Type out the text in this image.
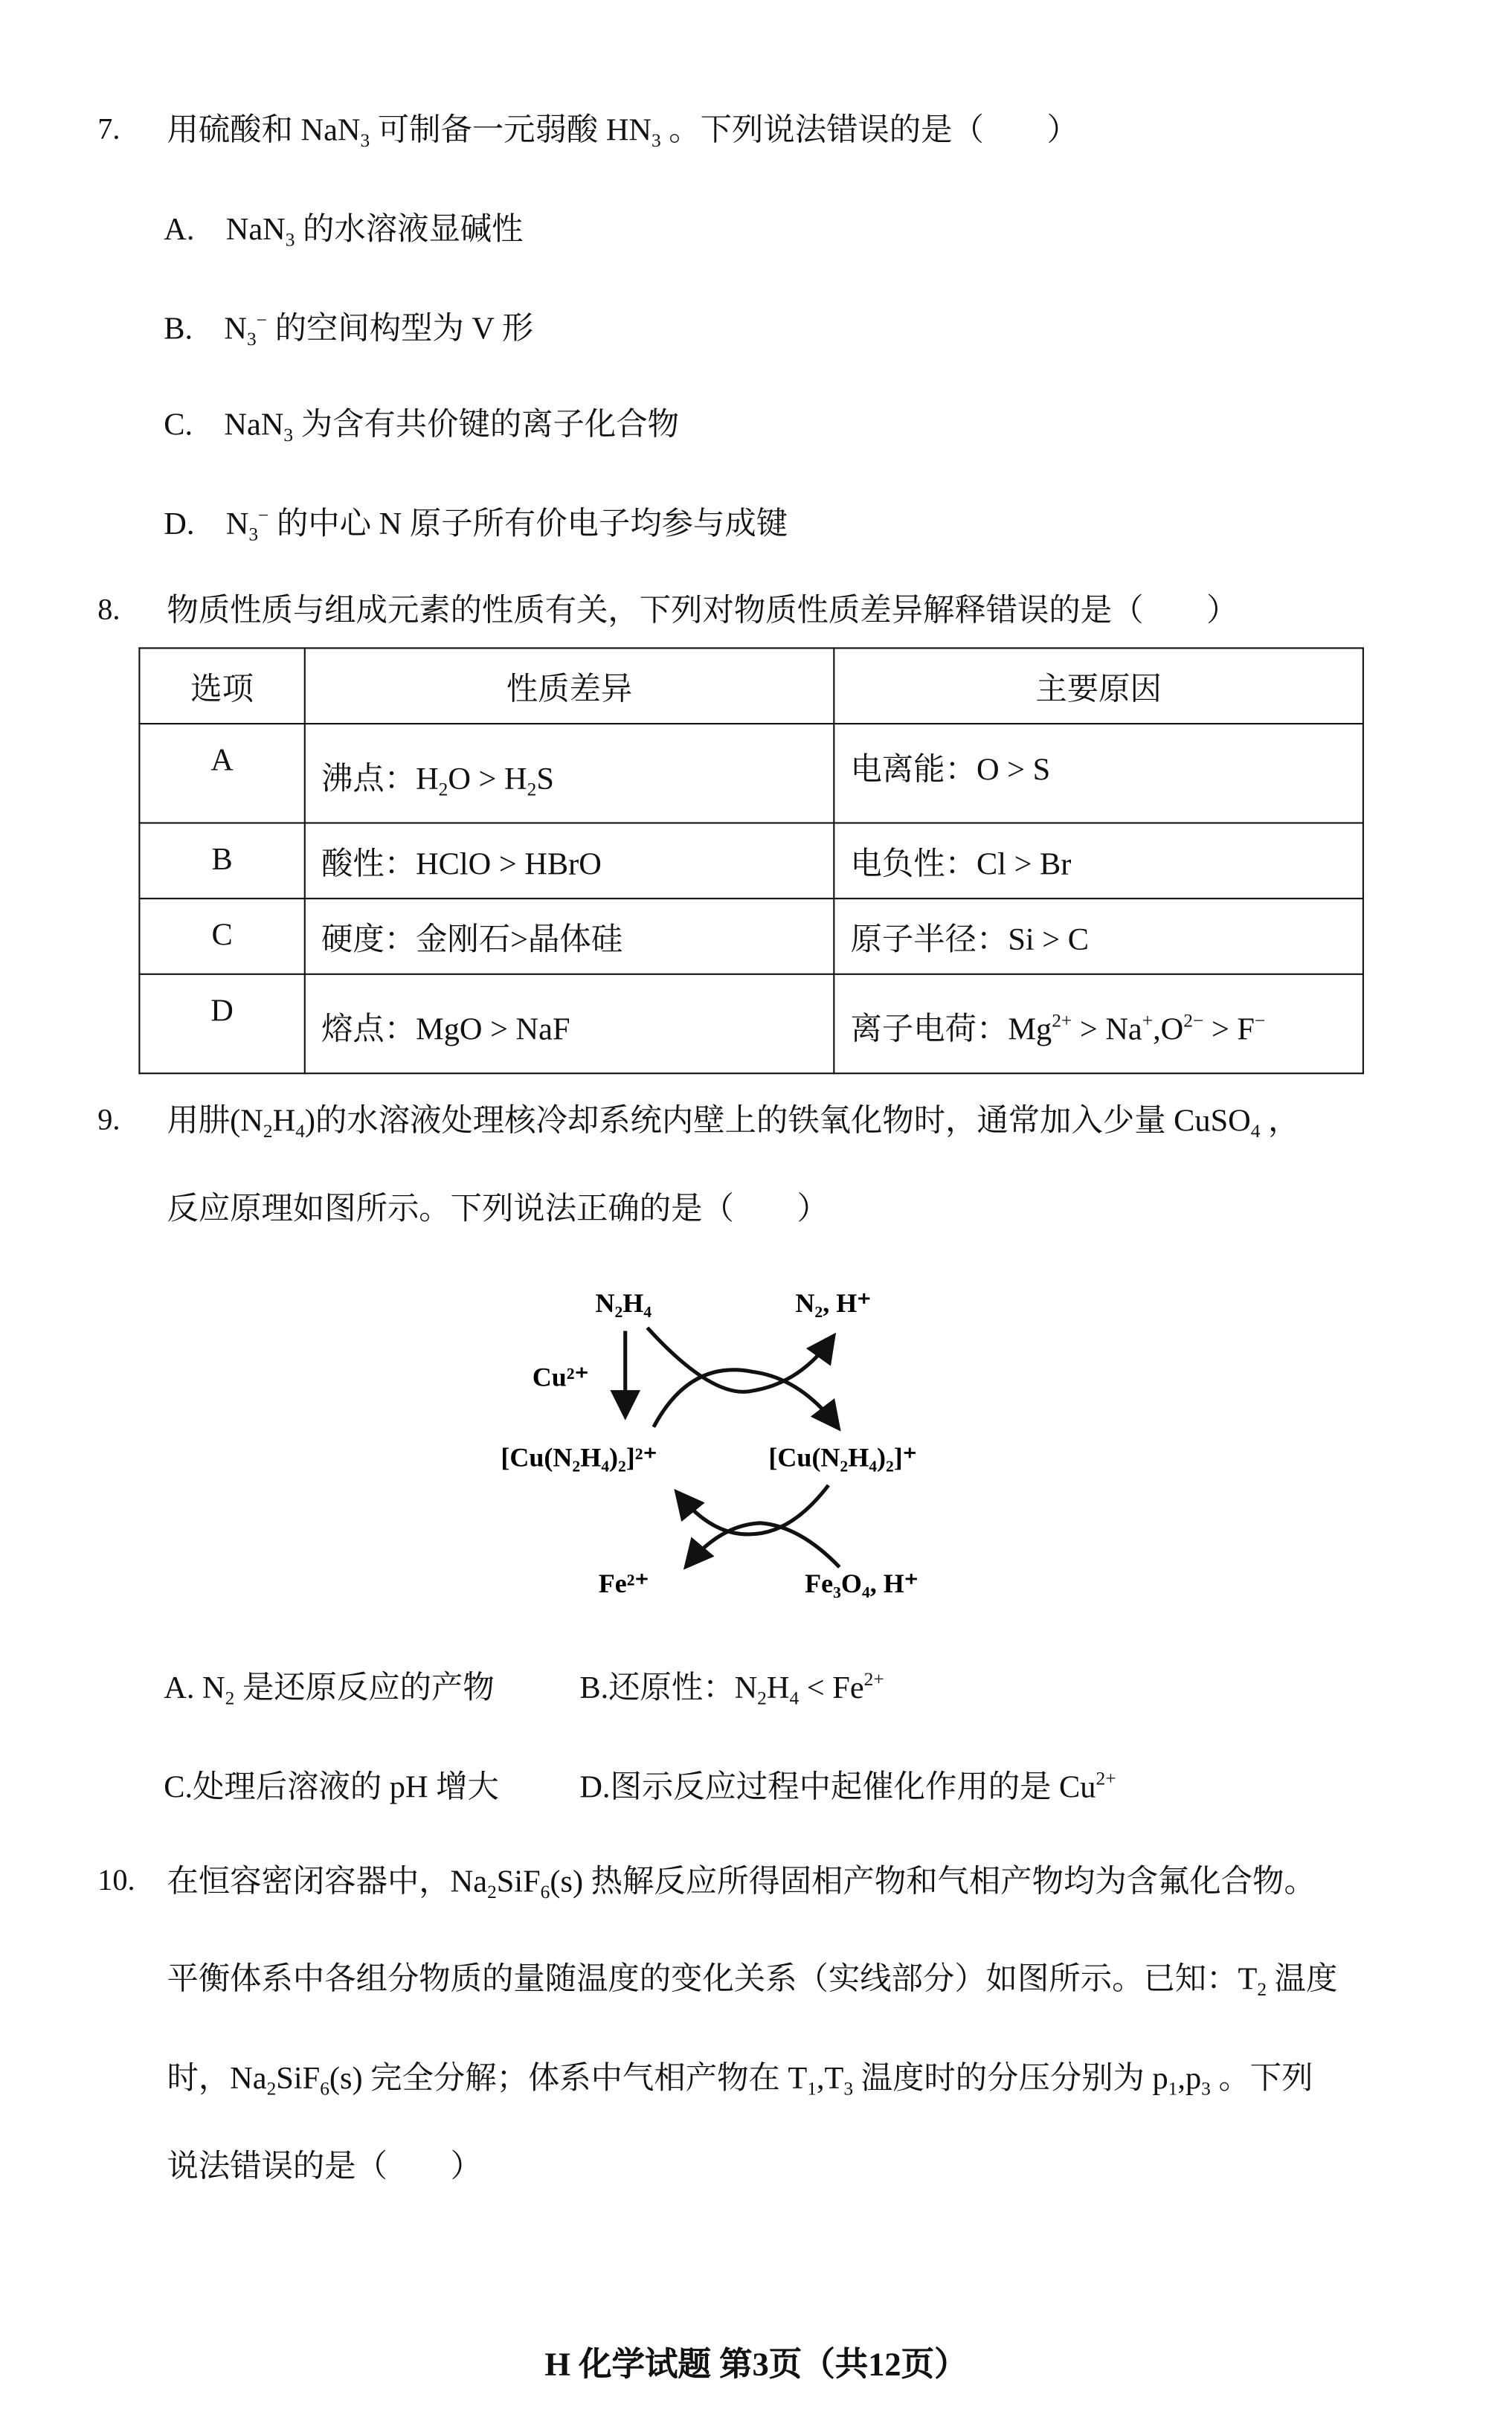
7.	用硫酸和 NaN$_3$ 可制备一元弱酸 $HN_3$ 。下列说法错误的是（　　）
A.　NaN$_3$ 的水溶液显碱性
B.　$N_3^-$ 的空间构型为 V 形
C.　NaN$_3$ 为含有共价键的离子化合物
D.　$N_3^-$ 的中心 N 原子所有价电子均参与成键
8.	物质性质与组成元素的性质有关，下列对物质性质差异解释错误的是（　　）
选项	性质差异	主要原因
A	沸点：$H_2O > H_2S$	电离能：O > S
B	酸性：HClO > HBrO	电负性：Cl > Br
C	硬度：金刚石>晶体硅	原子半径：Si > C
D	熔点：MgO > NaF	离子电荷：$Mg^{2+} > Na^+,O^{2-} > F^-$
9.	用肼$(N_2H_4)$的水溶液处理核冷却系统内壁上的铁氧化物时，通常加入少量 CuSO$_4$ ，
反应原理如图所示。下列说法正确的是（　　）
N₂H₄	N₂, H⁺
Cu²⁺
[Cu(N₂H₄)₂]²⁺	[Cu(N₂H₄)₂]⁺
Fe²⁺	Fe₃O₄, H⁺
A. $N_2$ 是还原反应的产物	B.还原性：$N_2H_4 < Fe^{2+}$
C.处理后溶液的 pH 增大	D.图示反应过程中起催化作用的是 $Cu^{2+}$
10. 在恒容密闭容器中，$Na_2SiF_6(s)$ 热解反应所得固相产物和气相产物均为含氟化合物。
平衡体系中各组分物质的量随温度的变化关系（实线部分）如图所示。已知：$T_2$ 温度
时，$Na_2SiF_6(s)$ 完全分解；体系中气相产物在 $T_1,T_3$ 温度时的分压分别为 $p_1,p_3$ 。下列
说法错误的是（　　）
H 化学试题 第3页（共12页）
